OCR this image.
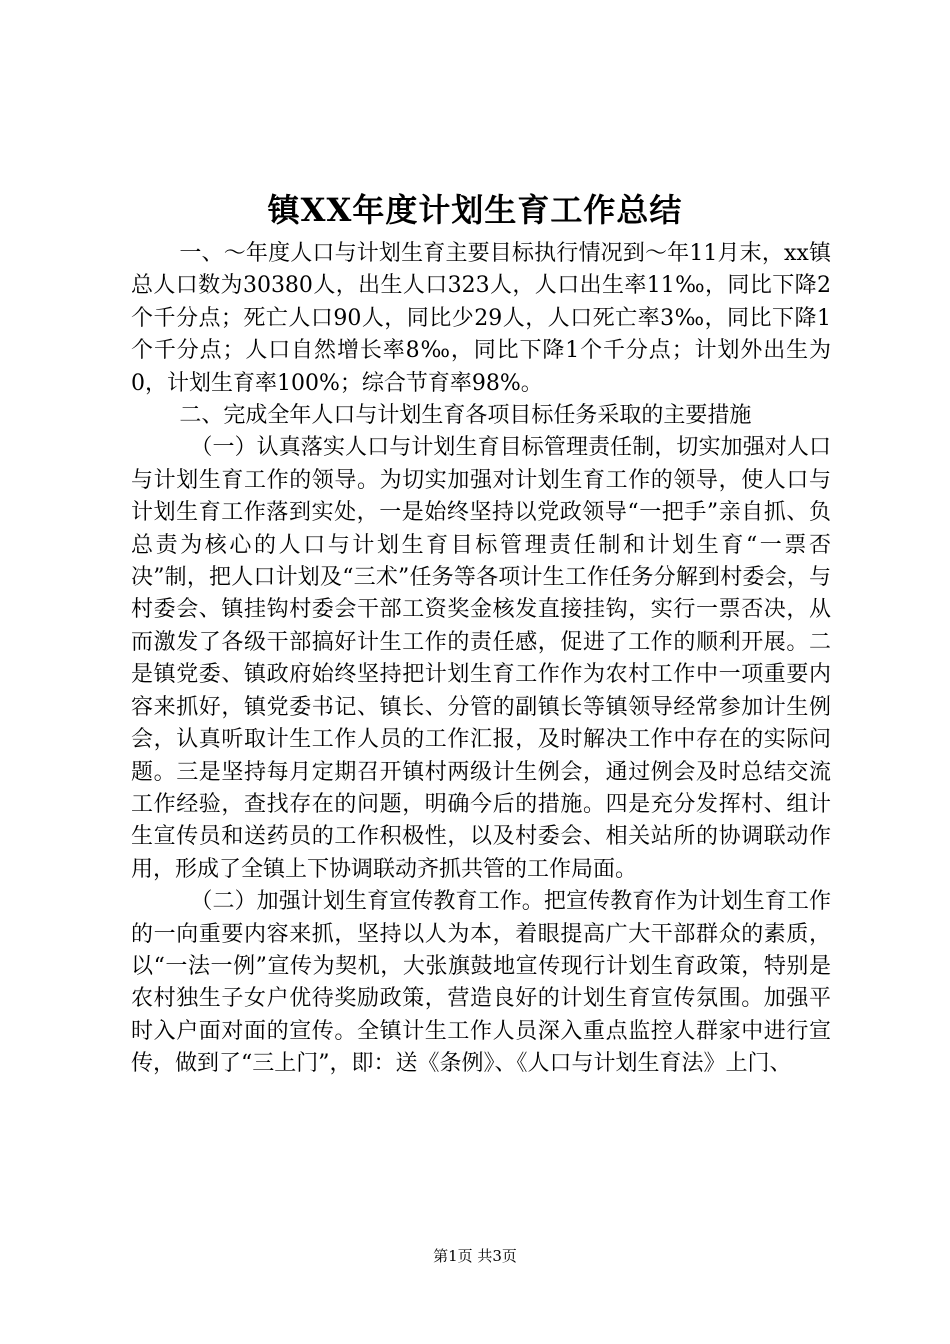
镇XX年度计划生育工作总结

一、～年度人口与计划生育主要目标执行情况到～年11月末，xx镇总人口数为30380人，出生人口323人，人口出生率11‰，同比下降2个千分点；死亡人口90人，同比少29人，人口死亡率3‰，同比下降1个千分点；人口自然增长率8‰，同比下降1个千分点；计划外出生为0，计划生育率100%；综合节育率98%。

二、完成全年人口与计划生育各项目标任务采取的主要措施

（一）认真落实人口与计划生育目标管理责任制，切实加强对人口与计划生育工作的领导。为切实加强对计划生育工作的领导，使人口与计划生育工作落到实处，一是始终坚持以党政领导“一把手”亲自抓、负总责为核心的人口与计划生育目标管理责任制和计划生育“一票否决”制，把人口计划及“三术”任务等各项计生工作任务分解到村委会，与村委会、镇挂钩村委会干部工资奖金核发直接挂钩，实行一票否决，从而激发了各级干部搞好计生工作的责任感，促进了工作的顺利开展。二是镇党委、镇政府始终坚持把计划生育工作作为农村工作中一项重要内容来抓好，镇党委书记、镇长、分管的副镇长等镇领导经常参加计生例会，认真听取计生工作人员的工作汇报，及时解决工作中存在的实际问题。三是坚持每月定期召开镇村两级计生例会，通过例会及时总结交流工作经验，查找存在的问题，明确今后的措施。四是充分发挥村、组计生宣传员和送药员的工作积极性，以及村委会、相关站所的协调联动作用，形成了全镇上下协调联动齐抓共管的工作局面。

（二）加强计划生育宣传教育工作。把宣传教育作为计划生育工作的一向重要内容来抓，坚持以人为本，着眼提高广大干部群众的素质，以“一法一例”宣传为契机，大张旗鼓地宣传现行计划生育政策，特别是农村独生子女户优待奖励政策，营造良好的计划生育宣传氛围。加强平时入户面对面的宣传。全镇计生工作人员深入重点监控人群家中进行宣传，做到了“三上门”，即：送《条例》、《人口与计划生育法》上门、

第1页 共3页
